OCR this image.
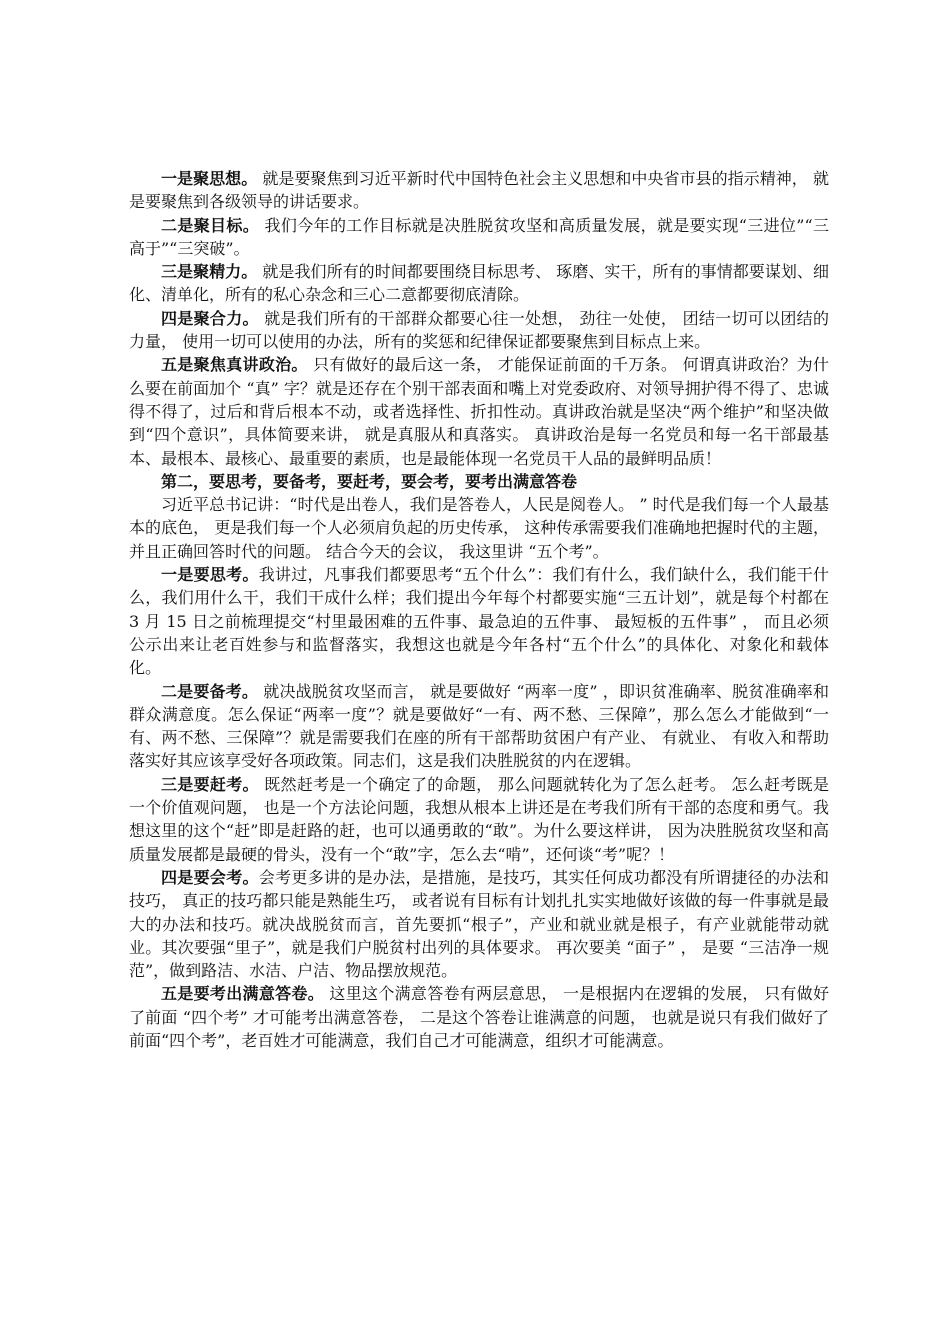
一是聚思想。 就是要聚焦到习近平新时代中国特色社会主义思想和中央省市县的指示精神， 就是要聚焦到各级领导的讲话要求。

二是聚目标。 我们今年的工作目标就是决胜脱贫攻坚和高质量发展，就是要实现“三进位”“三高于”“三突破”。

三是聚精力。 就是我们所有的时间都要围绕目标思考、 琢磨、实干，所有的事情都要谋划、细化、清单化，所有的私心杂念和三心二意都要彻底清除。

四是聚合力。 就是我们所有的干部群众都要心往一处想， 劲往一处使， 团结一切可以团结的力量， 使用一切可以使用的办法，所有的奖惩和纪律保证都要聚焦到目标点上来。

五是聚焦真讲政治。 只有做好的最后这一条， 才能保证前面的千万条。 何谓真讲政治？为什么要在前面加个 “真” 字？就是还存在个别干部表面和嘴上对党委政府、对领导拥护得不得了、忠诚得不得了，过后和背后根本不动，或者选择性、折扣性动。真讲政治就是坚决“两个维护”和坚决做到“四个意识”，具体简要来讲， 就是真服从和真落实。 真讲政治是每一名党员和每一名干部最基本、最根本、最核心、最重要的素质，也是最能体现一名党员干人品的最鲜明品质！

第二，要思考，要备考，要赶考，要会考，要考出满意答卷

习近平总书记讲：“时代是出卷人，我们是答卷人，人民是阅卷人。 ” 时代是我们每一个人最基本的底色， 更是我们每一个人必须肩负起的历史传承， 这种传承需要我们准确地把握时代的主题， 并且正确回答时代的问题。 结合今天的会议， 我这里讲 “五个考”。

一是要思考。我讲过，凡事我们都要思考“五个什么”：我们有什么，我们缺什么，我们能干什么，我们用什么干，我们干成什么样；我们提出今年每个村都要实施“三五计划”，就是每个村都在 3 月 15 日之前梳理提交“村里最困难的五件事、最急迫的五件事、 最短板的五件事” ， 而且必须公示出来让老百姓参与和监督落实，我想这也就是今年各村“五个什么”的具体化、对象化和载体化。

二是要备考。 就决战脱贫攻坚而言， 就是要做好 “两率一度” ，即识贫准确率、脱贫准确率和群众满意度。怎么保证“两率一度”？就是要做好“一有、两不愁、三保障”，那么怎么才能做到“一有、两不愁、三保障”？就是需要我们在座的所有干部帮助贫困户有产业、 有就业、 有收入和帮助落实好其应该享受好各项政策。同志们，这是我们决胜脱贫的内在逻辑。

三是要赶考。 既然赶考是一个确定了的命题， 那么问题就转化为了怎么赶考。 怎么赶考既是一个价值观问题， 也是一个方法论问题，我想从根本上讲还是在考我们所有干部的态度和勇气。我想这里的这个“赶”即是赶路的赶，也可以通勇敢的“敢”。为什么要这样讲， 因为决胜脱贫攻坚和高质量发展都是最硬的骨头，没有一个“敢”字，怎么去“啃”，还何谈“考”呢？！

四是要会考。会考更多讲的是办法，是措施，是技巧，其实任何成功都没有所谓捷径的办法和技巧， 真正的技巧都只能是熟能生巧， 或者说有目标有计划扎扎实实地做好该做的每一件事就是最大的办法和技巧。就决战脱贫而言，首先要抓“根子”，产业和就业就是根子，有产业就能带动就业。其次要强“里子”，就是我们户脱贫村出列的具体要求。 再次要美 “面子” ， 是要 “三洁净一规范”，做到路洁、水洁、户洁、物品摆放规范。

五是要考出满意答卷。 这里这个满意答卷有两层意思， 一是根据内在逻辑的发展， 只有做好了前面 “四个考” 才可能考出满意答卷， 二是这个答卷让谁满意的问题， 也就是说只有我们做好了前面“四个考”，老百姓才可能满意，我们自己才可能满意，组织才可能满意。
